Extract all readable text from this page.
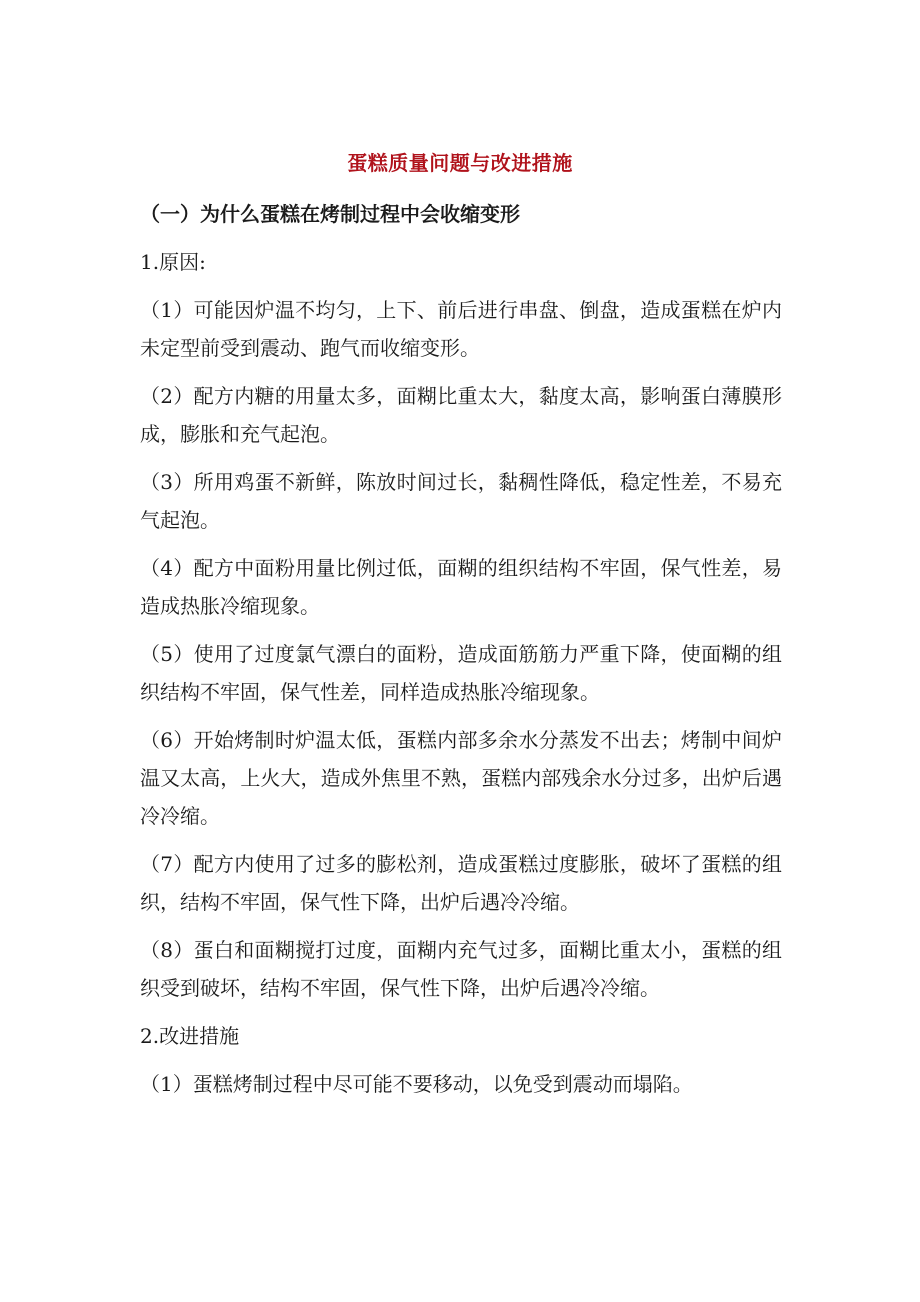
蛋糕质量问题与改进措施

（一）为什么蛋糕在烤制过程中会收缩变形

1.原因:

（1）可能因炉温不均匀，上下、前后进行串盘、倒盘，造成蛋糕在炉内未定型前受到震动、跑气而收缩变形。

（2）配方内糖的用量太多，面糊比重太大，黏度太高，影响蛋白薄膜形成，膨胀和充气起泡。

（3）所用鸡蛋不新鲜，陈放时间过长，黏稠性降低，稳定性差，不易充气起泡。

（4）配方中面粉用量比例过低，面糊的组织结构不牢固，保气性差，易造成热胀冷缩现象。

（5）使用了过度氯气漂白的面粉，造成面筋筋力严重下降，使面糊的组织结构不牢固，保气性差，同样造成热胀冷缩现象。

（6）开始烤制时炉温太低，蛋糕内部多余水分蒸发不出去；烤制中间炉温又太高，上火大，造成外焦里不熟，蛋糕内部残余水分过多，出炉后遇冷冷缩。

（7）配方内使用了过多的膨松剂，造成蛋糕过度膨胀，破坏了蛋糕的组织，结构不牢固，保气性下降，出炉后遇冷冷缩。

（8）蛋白和面糊搅打过度，面糊内充气过多，面糊比重太小，蛋糕的组织受到破坏，结构不牢固，保气性下降，出炉后遇冷冷缩。

2.改进措施

（1）蛋糕烤制过程中尽可能不要移动，以免受到震动而塌陷。
